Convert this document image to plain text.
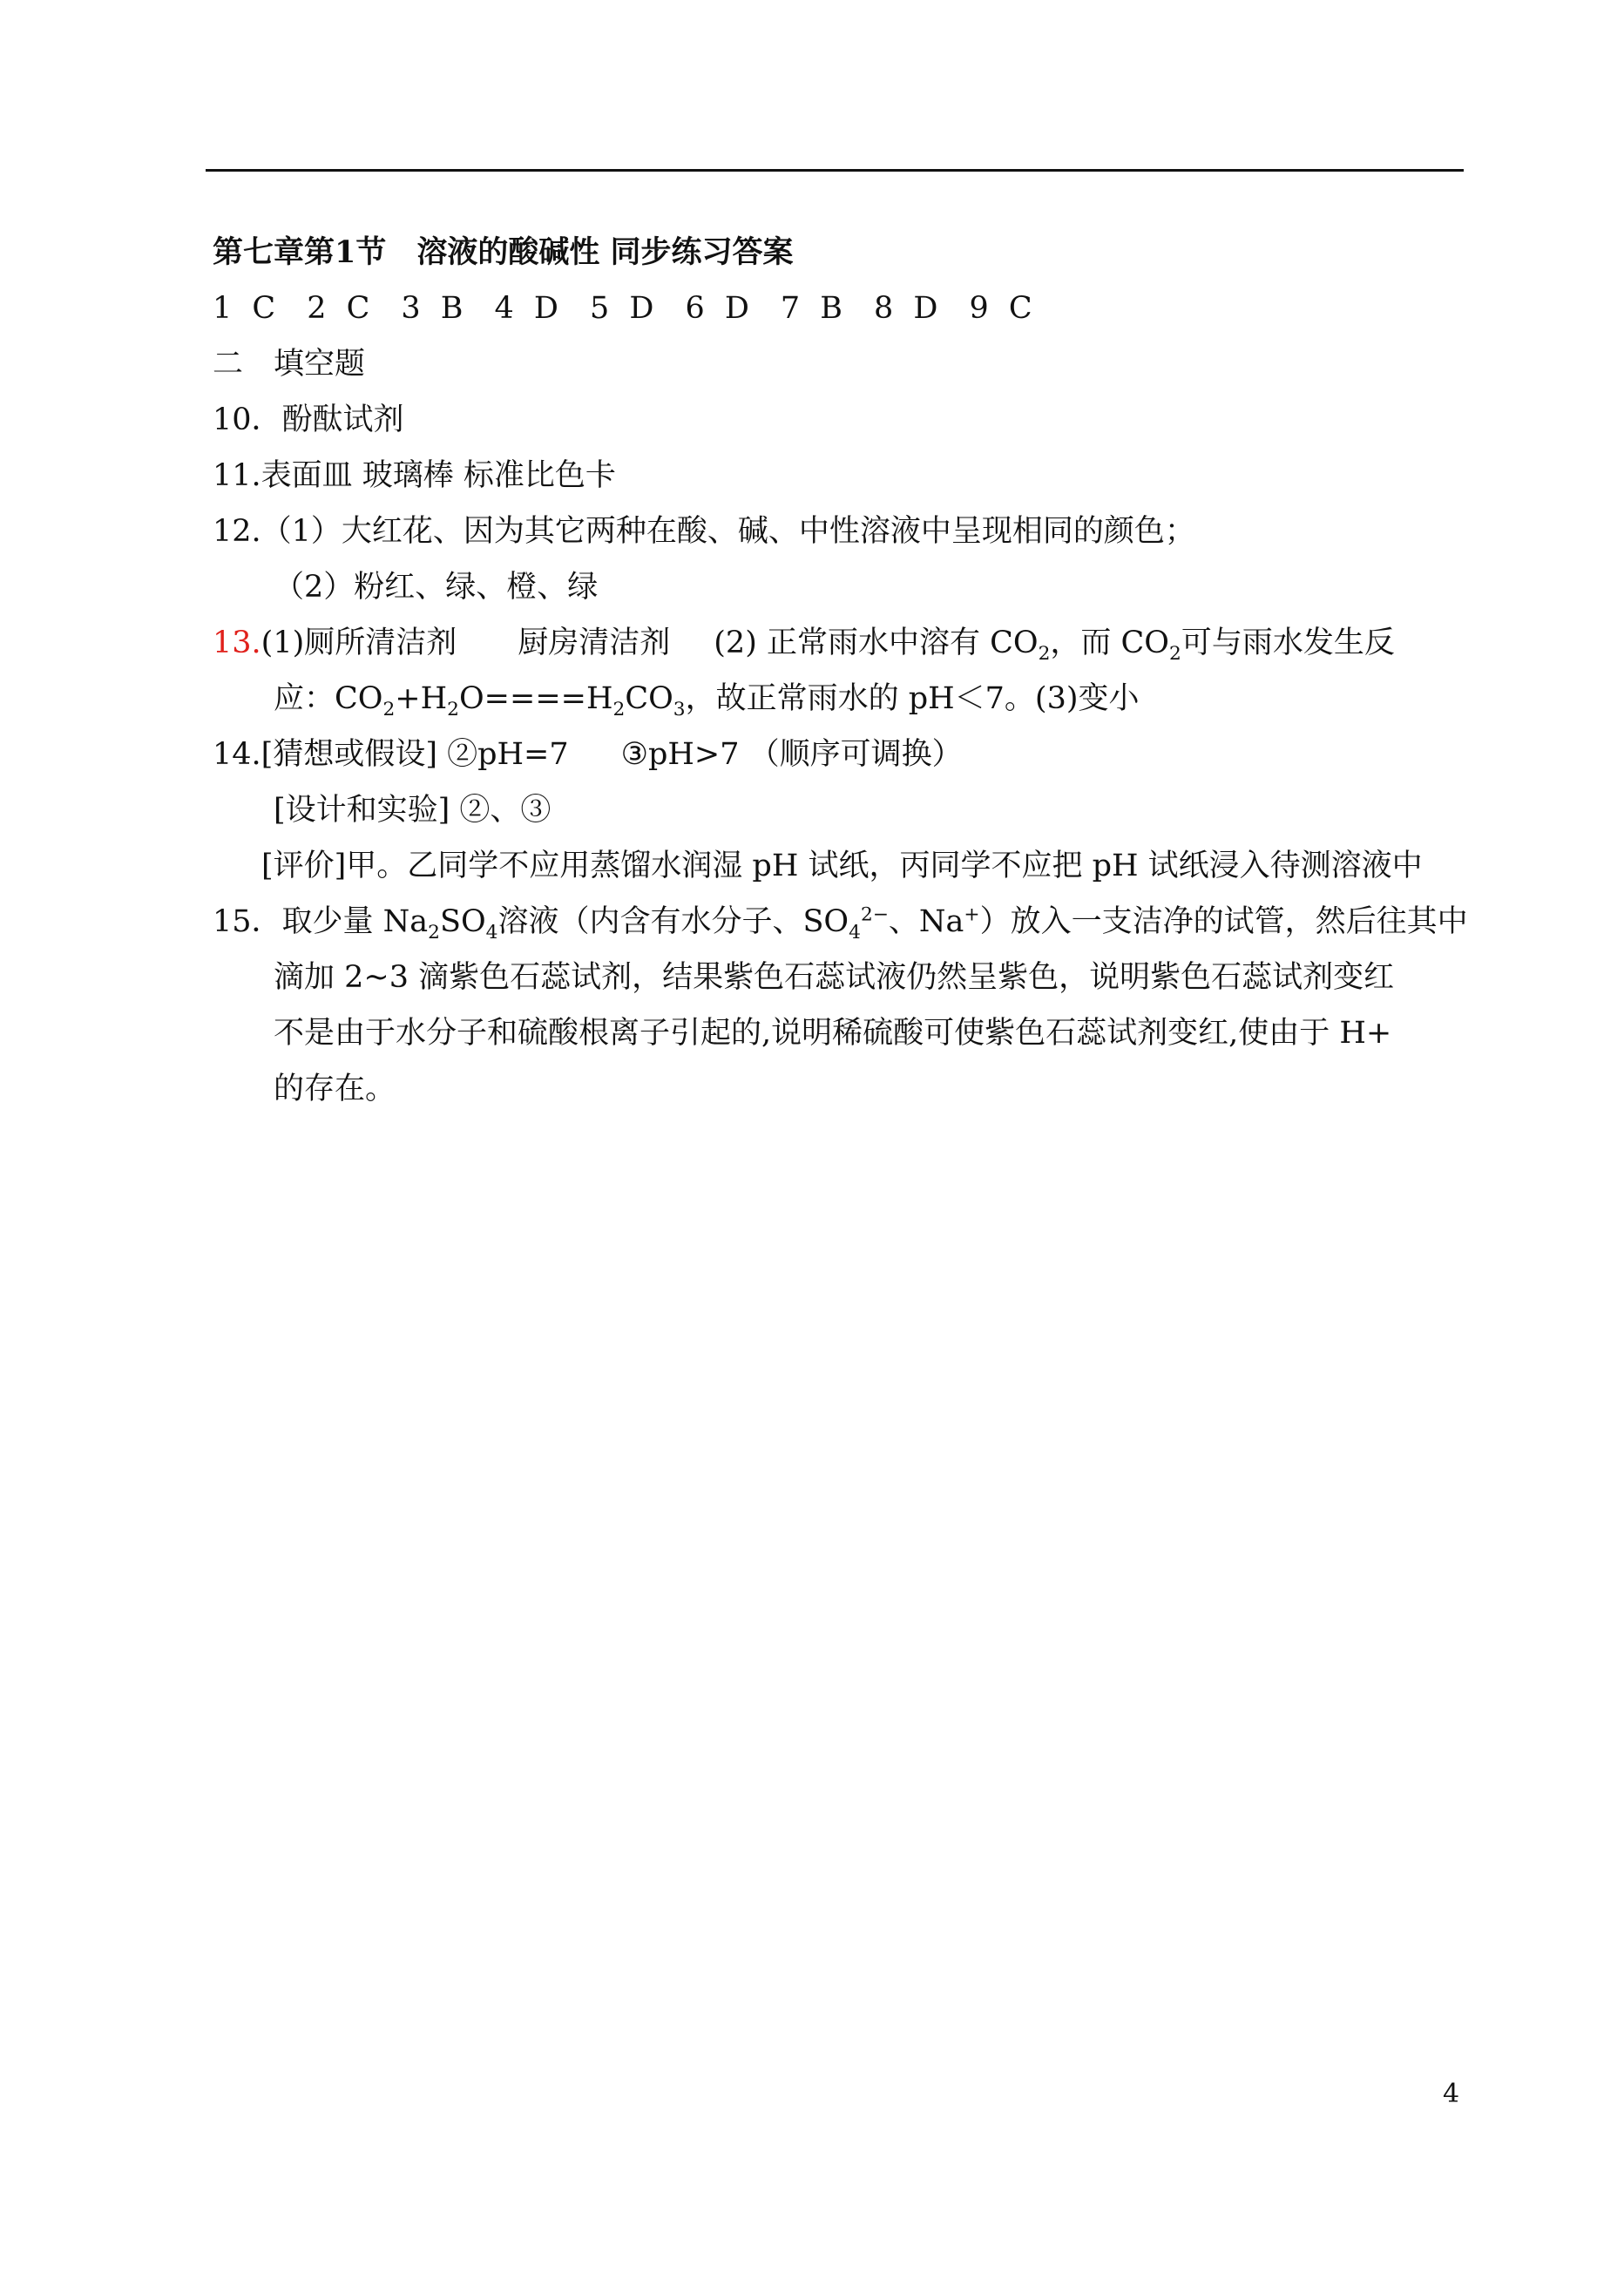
第七章第1节　溶液的酸碱性 同步练习答案
1 C 2 C 3 B 4 D 5 D 6 D 7 B 8 D 9 C
二　填空题
10．酚酞试剂
11.表面皿 玻璃棒 标准比色卡
12.（1）大红花、因为其它两种在酸、碱、中性溶液中呈现相同的颜色；
（2）粉红、绿、橙、绿
13.(1)厕所清洁剂 厨房清洁剂 (2) 正常雨水中溶有 $CO_2$，而 $CO_2$可与雨水发生反
应：$CO_2+H_2O====H_2CO_3$，故正常雨水的 pH＜7。(3)变小
14.[猜想或假设] ②pH=7 ③pH>7 （顺序可调换）
[设计和实验] ②、③
[评价]甲。乙同学不应用蒸馏水润湿 pH 试纸，丙同学不应把 pH 试纸浸入待测溶液中
15．取少量 $Na_2SO_4$溶液（内含有水分子、$SO_4^{2-}$、Na+）放入一支洁净的试管，然后往其中
滴加 2~3 滴紫色石蕊试剂，结果紫色石蕊试液仍然呈紫色，说明紫色石蕊试剂变红
不是由于水分子和硫酸根离子引起的,说明稀硫酸可使紫色石蕊试剂变红,使由于 H+
的存在。
4
